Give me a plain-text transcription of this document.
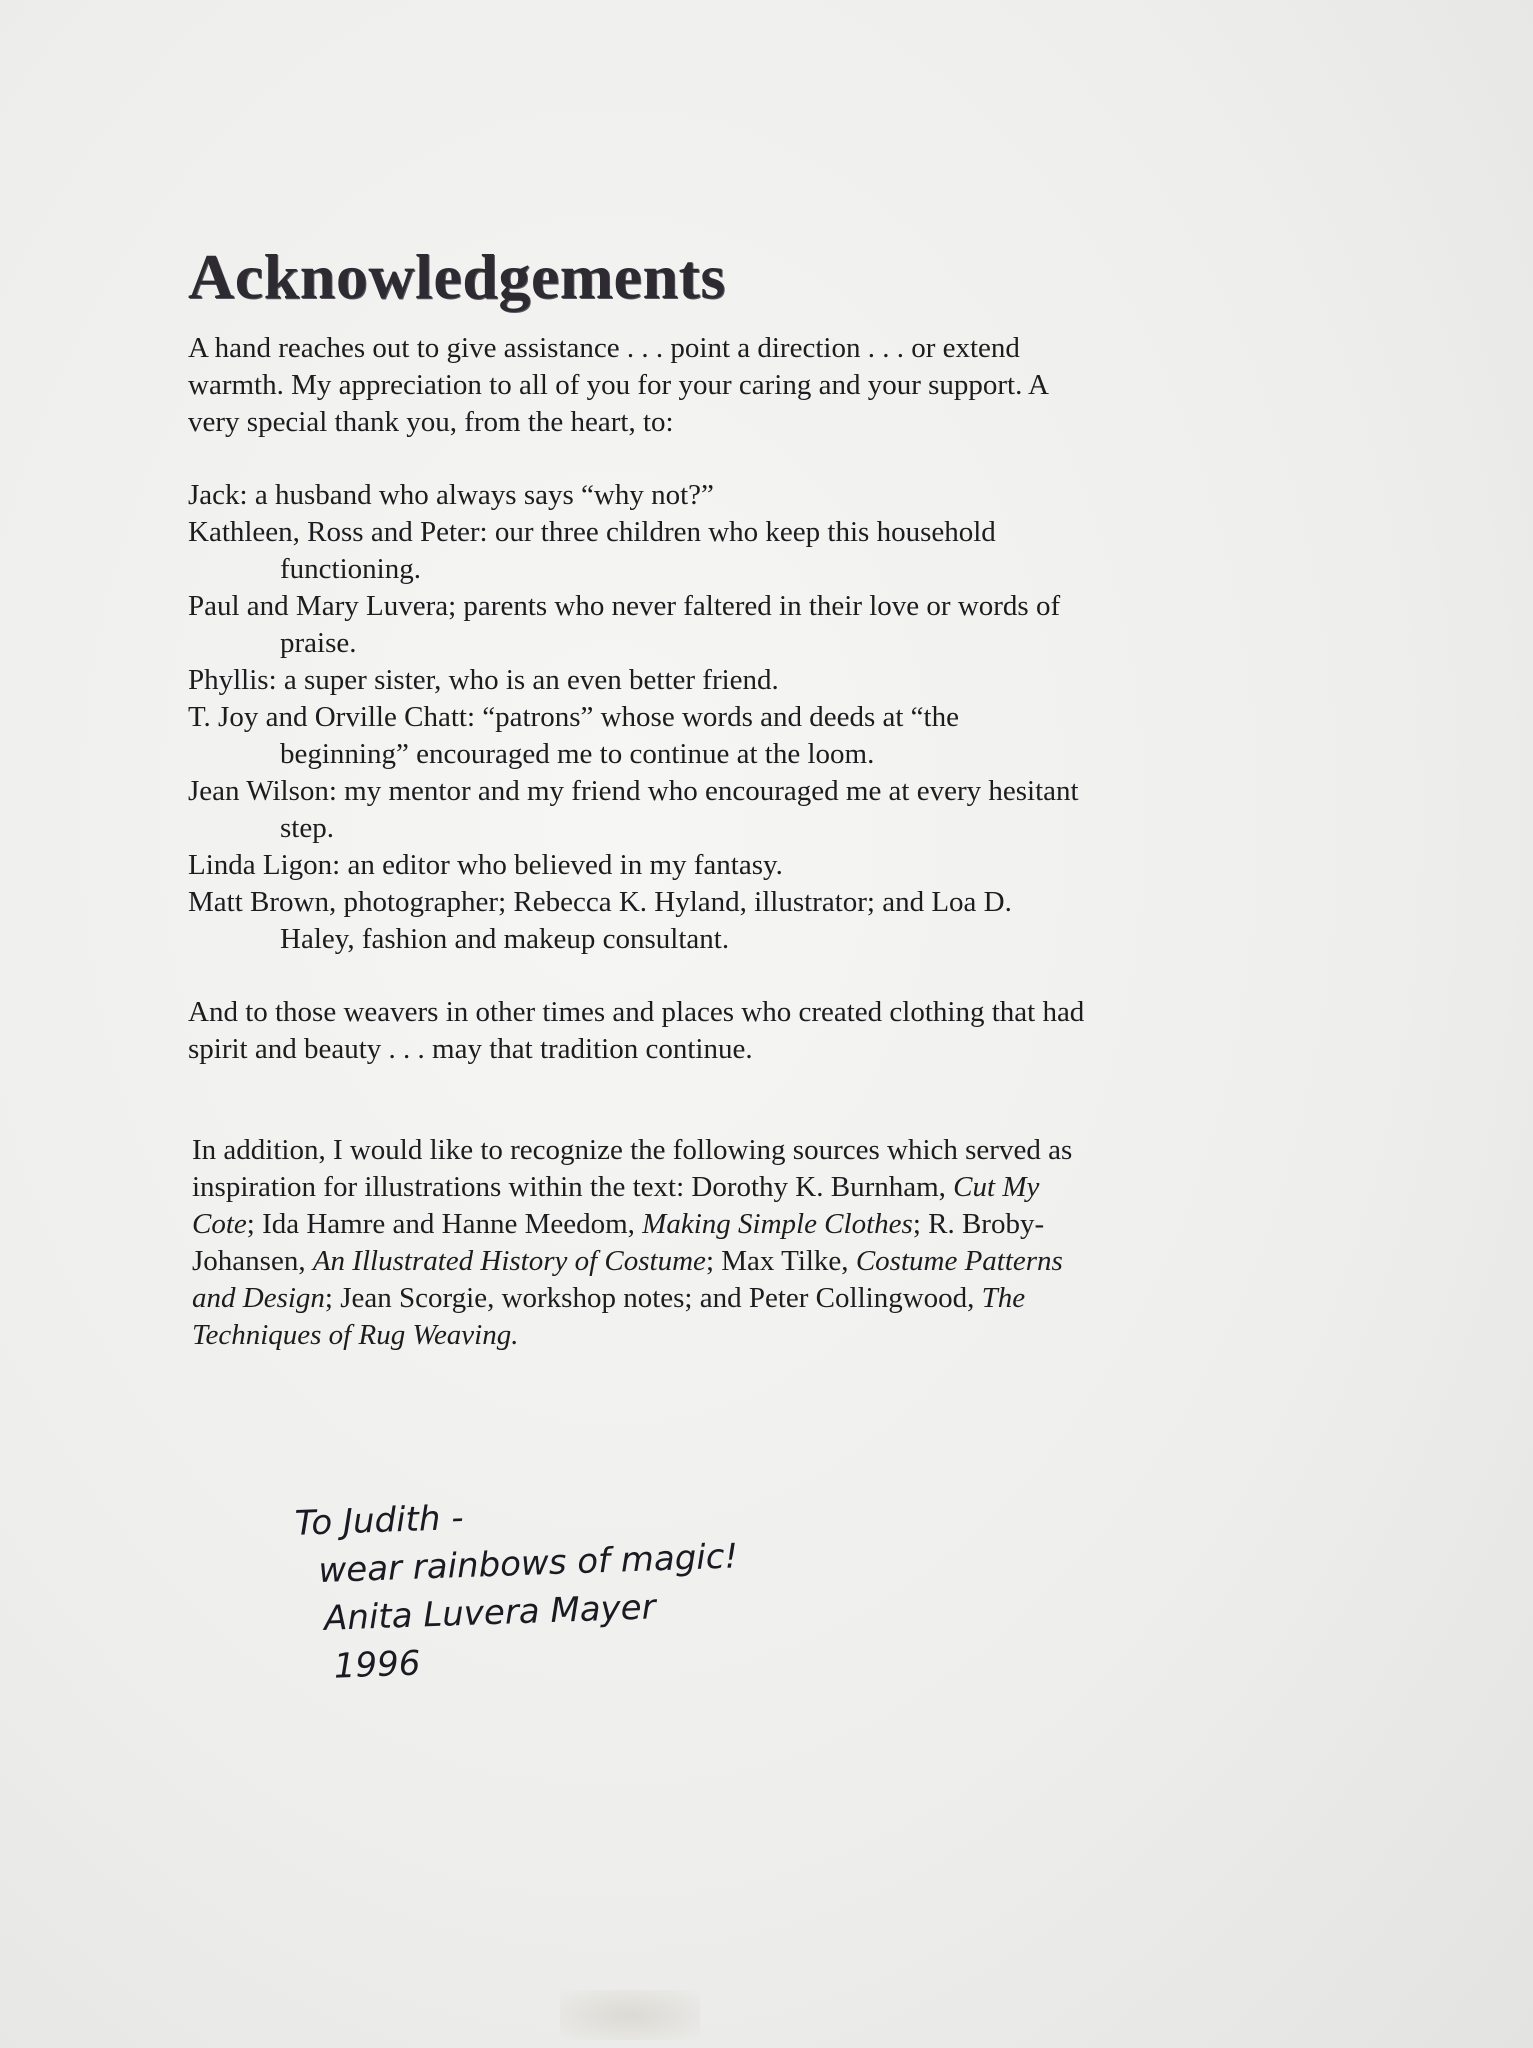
Acknowledgements

A hand reaches out to give assistance . . . point a direction . . . or extend warmth. My appreciation to all of you for your caring and your support. A very special thank you, from the heart, to:

Jack: a husband who always says “why not?”

Kathleen, Ross and Peter: our three children who keep this household functioning.

Paul and Mary Luvera; parents who never faltered in their love or words of praise.

Phyllis: a super sister, who is an even better friend.

T. Joy and Orville Chatt: “patrons” whose words and deeds at “the beginning” encouraged me to continue at the loom.

Jean Wilson: my mentor and my friend who encouraged me at every hesitant step.

Linda Ligon: an editor who believed in my fantasy.

Matt Brown, photographer; Rebecca K. Hyland, illustrator; and Loa D. Haley, fashion and makeup consultant.

And to those weavers in other times and places who created clothing that had spirit and beauty . . . may that tradition continue.

In addition, I would like to recognize the following sources which served as inspiration for illustrations within the text: Dorothy K. Burnham, Cut My Cote; Ida Hamre and Hanne Meedom, Making Simple Clothes; R. Broby-Johansen, An Illustrated History of Costume; Max Tilke, Costume Patterns and Design; Jean Scorgie, workshop notes; and Peter Collingwood, The Techniques of Rug Weaving.

To Judith -
wear rainbows of magic!
Anita Luvera Mayer
1996
